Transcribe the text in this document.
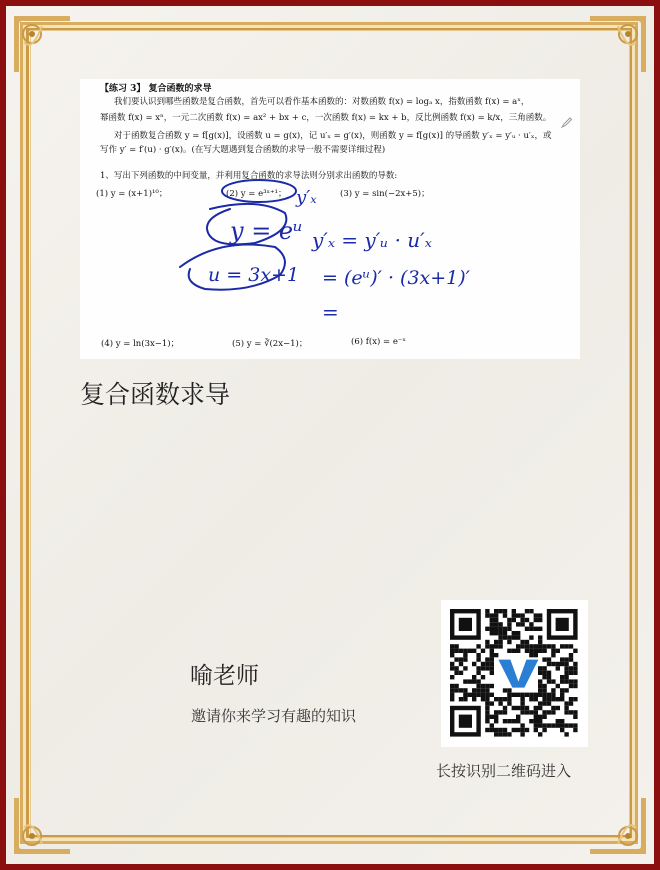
【练习 3】 复合函数的求导
我们要认识到哪些函数是复合函数，首先可以看作基本函数的：对数函数 f(x) = logₐ x，指数函数 f(x) = aˣ，
幂函数 f(x) = xⁿ，一元二次函数 f(x) = ax² + bx + c，一次函数 f(x) = kx + b，反比例函数 f(x) = k/x，三角函数。
对于函数复合函数 y = f[g(x)]，设函数 u = g(x)，记 u′ₓ = g′(x)，则函数 y = f[g(x)] 的导函数 y′ₓ = y′ᵤ · u′ₓ，或
写作 y′ = f′(u) · g′(x)。(在写大题遇到复合函数的求导一般不需要详细过程)
1、写出下列函数的中间变量，并利用复合函数的求导法则分别求出函数的导数:
(1) y = (x+1)¹⁰；	(2) y = e³ˣ⁺¹；	(3) y = sin(−2x+5)；
(4) y = ln(3x−1)；	(5) y = ∛(2x−1)；	(6) f(x) = e⁻ˣ
y = eᵘ
u = 3x+1
y′ₓ
y′ₓ = y′ᵤ · u′ₓ
= (eᵘ)′ · (3x+1)′
=
复合函数求导
喻老师
邀请你来学习有趣的知识
长按识别二维码进入
